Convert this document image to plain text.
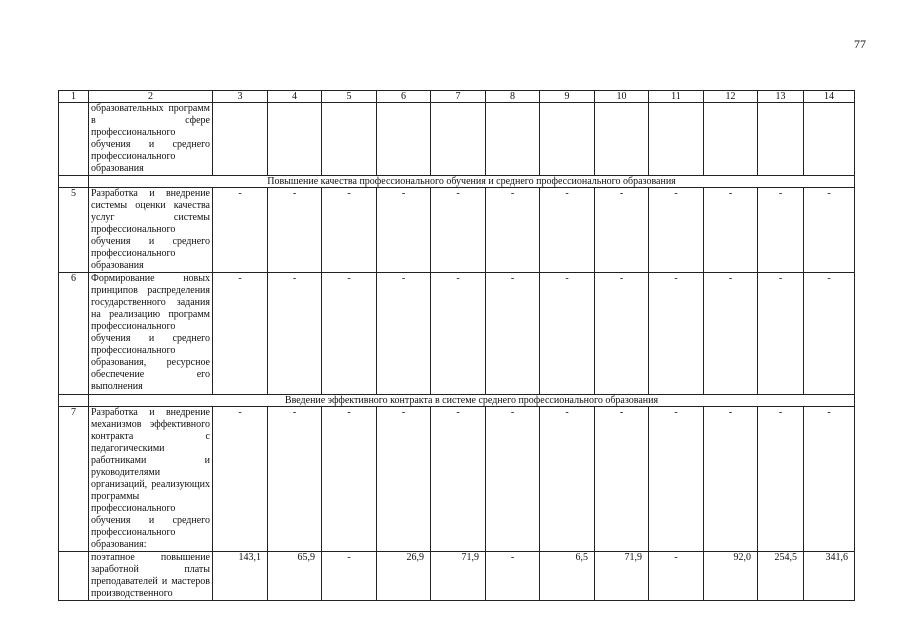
77
1	2	3	4	5	6	7	8	9	10	11	12	13	14
	образовательных программ в сфере профессионального обучения и среднего профессионального образования												
	Повышение качества профессионального обучения и среднего профессионального образования												
5	Разработка и внедрение системы оценки качества услуг системы профессионального обучения и среднего профессионального образования	-	-	-	-	-	-	-	-	-	-	-	-
6	Формирование новых принципов распределения государственного задания на реализацию программ профессионального обучения и среднего профессионального образования, ресурсное обеспечение его выполнения	-	-	-	-	-	-	-	-	-	-	-	-
	Введение эффективного контракта в системе среднего профессионального образования												
7	Разработка и внедрение механизмов эффективного контракта с педагогическими работниками и руководителями организаций, реализующих программы профессионального обучения и среднего профессионального образования:	-	-	-	-	-	-	-	-	-	-	-	-
	поэтапное повышение заработной платы преподавателей и мастеров производственного	143,1	65,9	-	26,9	71,9	-	6,5	71,9	-	92,0	254,5	341,6
